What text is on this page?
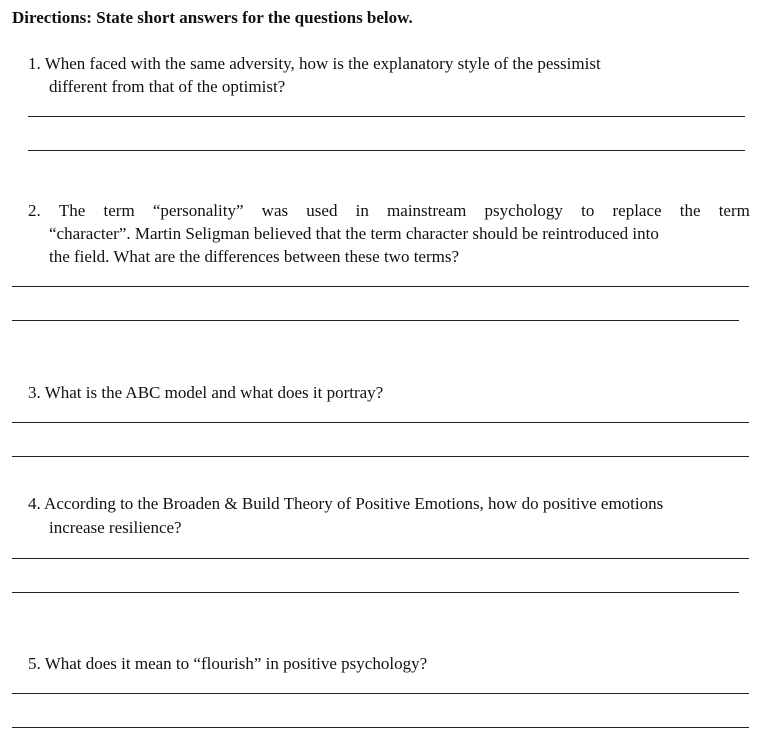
Directions: State short answers for the questions below.
1. When faced with the same adversity, how is the explanatory style of the pessimist
different from that of the optimist?
2. The term “personality” was used in mainstream psychology to replace the term
“character”. Martin Seligman believed that the term character should be reintroduced into
the field. What are the differences between these two terms?
3. What is the ABC model and what does it portray?
4. According to the Broaden & Build Theory of Positive Emotions, how do positive emotions
increase resilience?
5. What does it mean to “flourish” in positive psychology?
